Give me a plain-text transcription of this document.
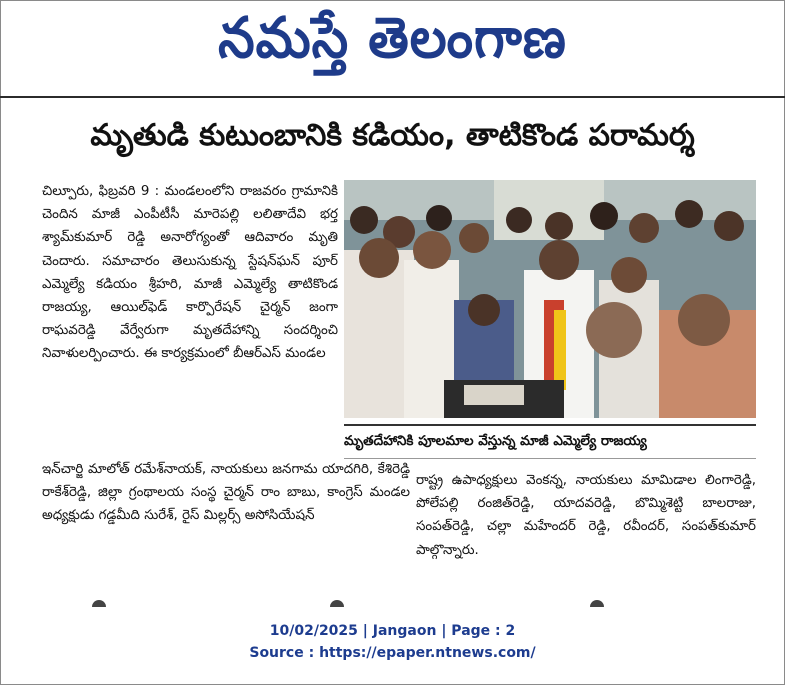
నమస్తే తెలంగాణ
మృతుడి కుటుంబానికి కడియం, తాటికొండ పరామర్శ

చిల్పూరు, ఫిబ్రవరి 9 : మండలంలోని రాజవరం గ్రామానికి చెందిన మాజీ ఎంపీటీసీ మారెపల్లి లలితాదేవి భర్త శ్యామ్‌కుమార్ రెడ్డి అనారోగ్యంతో ఆదివారం మృతి చెందారు. సమాచారం తెలుసుకున్న స్టేషన్‌ఘన్ పూర్ ఎమ్మెల్యే కడియం శ్రీహరి, మాజీ ఎమ్మెల్యే తాటికొండ రాజయ్య, ఆయిల్‌ఫెడ్ కార్పొరేషన్ చైర్మన్ జంగా రాఘవరెడ్డి వేర్వేరుగా మృతదేహాన్ని సందర్శించి నివాళులర్పించారు. ఈ కార్యక్రమంలో బీఆర్‌ఎస్ మండల

మృతదేహానికి పూలమాల వేస్తున్న మాజీ ఎమ్మెల్యే రాజయ్య

ఇన్‌చార్జి మాలోత్ రమేశ్‌నాయక్, నాయకులు జనగామ యాదగిరి, కేశిరెడ్డి రాకేశ్‌రెడ్డి, జిల్లా గ్రంథాలయ సంస్థ చైర్మన్ రాం బాబు, కాంగ్రెస్ మండల అధ్యక్షుడు గడ్డమీది సురేశ్, రైస్ మిల్లర్స్ అసోసియేషన్

రాష్ట్ర ఉపాధ్యక్షులు వెంకన్న, నాయకులు మామిడాల లింగారెడ్డి, పోలేపల్లి రంజిత్‌రెడ్డి, యాదవరెడ్డి, బొమ్మిశెట్టి బాలరాజు, సంపత్‌రెడ్డి, చల్లా మహేందర్ రెడ్డి, రవీందర్, సంపత్‌కుమార్ పాల్గొన్నారు.

10/02/2025 | Jangaon | Page : 2
Source : https://epaper.ntnews.com/
